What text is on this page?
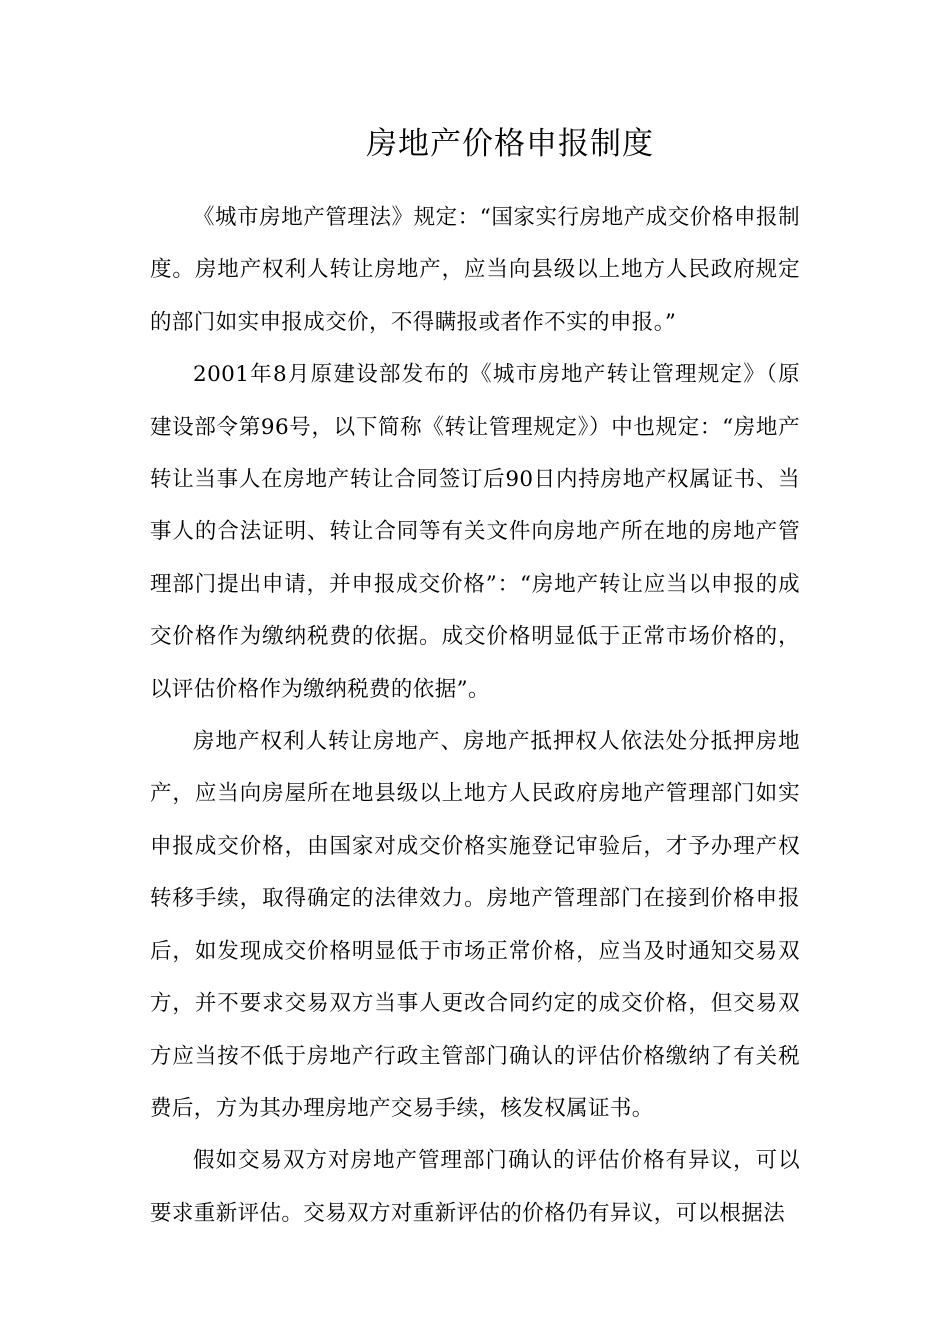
房地产价格申报制度

《城市房地产管理法》规定：“国家实行房地产成交价格申报制度。房地产权利人转让房地产，应当向县级以上地方人民政府规定的部门如实申报成交价，不得瞒报或者作不实的申报。”

2001年8月原建设部发布的《城市房地产转让管理规定》（原建设部令第96号，以下简称《转让管理规定》）中也规定：“房地产转让当事人在房地产转让合同签订后90日内持房地产权属证书、当事人的合法证明、转让合同等有关文件向房地产所在地的房地产管理部门提出申请，并申报成交价格”：“房地产转让应当以申报的成交价格作为缴纳税费的依据。成交价格明显低于正常市场价格的，以评估价格作为缴纳税费的依据”。

房地产权利人转让房地产、房地产抵押权人依法处分抵押房地产，应当向房屋所在地县级以上地方人民政府房地产管理部门如实申报成交价格，由国家对成交价格实施登记审验后，才予办理产权转移手续，取得确定的法律效力。房地产管理部门在接到价格申报后，如发现成交价格明显低于市场正常价格，应当及时通知交易双方，并不要求交易双方当事人更改合同约定的成交价格，但交易双方应当按不低于房地产行政主管部门确认的评估价格缴纳了有关税费后，方为其办理房地产交易手续，核发权属证书。

假如交易双方对房地产管理部门确认的评估价格有异议，可以要求重新评估。交易双方对重新评估的价格仍有异议，可以根据法
